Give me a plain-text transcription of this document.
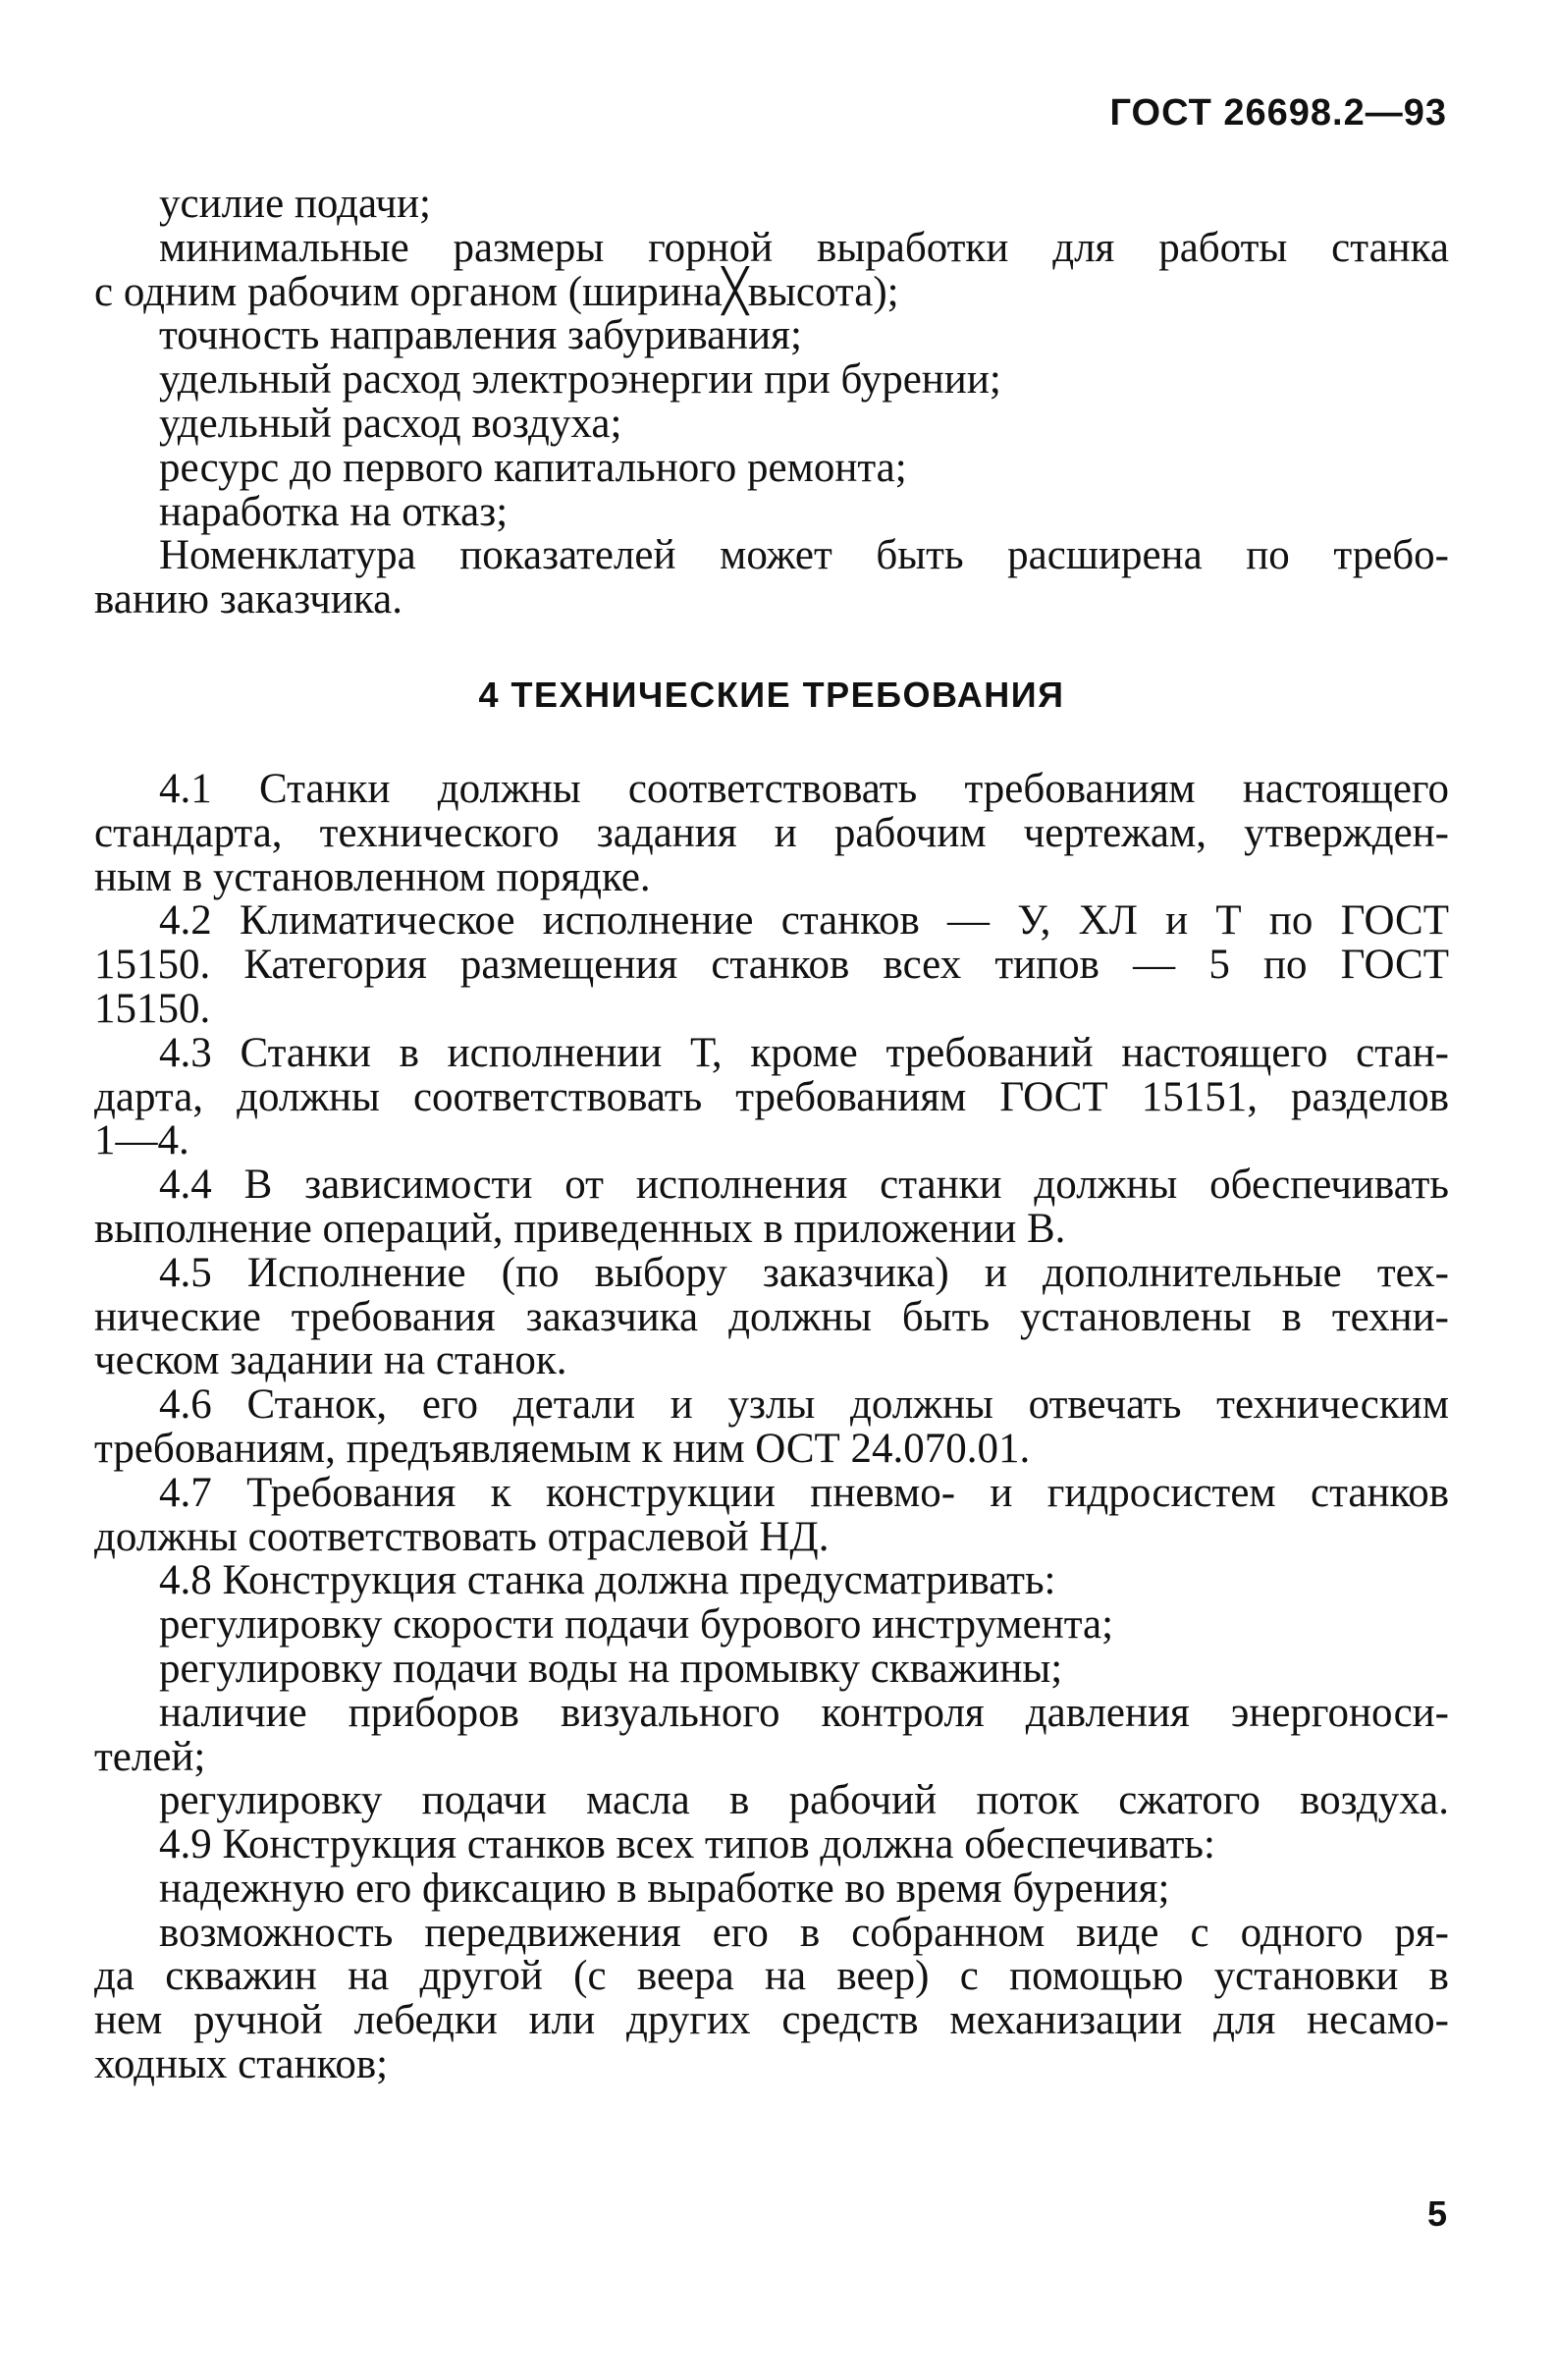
ГОСТ 26698.2—93
усилие подачи;
минимальные размеры горной выработки для работы станка
с одним рабочим органом (ширина╳высота);
точность направления забуривания;
удельный расход электроэнергии при бурении;
удельный расход воздуха;
ресурс до первого капитального ремонта;
наработка на отказ;
Номенклатура показателей может быть расширена по требо-
ванию заказчика.
4 ТЕХНИЧЕСКИЕ ТРЕБОВАНИЯ
4.1 Станки должны соответствовать требованиям настоящего
стандарта, технического задания и рабочим чертежам, утвержден-
ным в установленном порядке.
4.2 Климатическое исполнение станков — У, ХЛ и Т по ГОСТ
15150. Категория размещения станков всех типов — 5 по ГОСТ
15150.
4.3 Станки в исполнении Т, кроме требований настоящего стан-
дарта, должны соответствовать требованиям ГОСТ 15151, разделов
1—4.
4.4 В зависимости от исполнения станки должны обеспечивать
выполнение операций, приведенных в приложении В.
4.5 Исполнение (по выбору заказчика) и дополнительные тех-
нические требования заказчика должны быть установлены в техни-
ческом задании на станок.
4.6 Станок, его детали и узлы должны отвечать техническим
требованиям, предъявляемым к ним ОСТ 24.070.01.
4.7 Требования к конструкции пневмо- и гидросистем станков
должны соответствовать отраслевой НД.
4.8 Конструкция станка должна предусматривать:
регулировку скорости подачи бурового инструмента;
регулировку подачи воды на промывку скважины;
наличие приборов визуального контроля давления энергоноси-
телей;
регулировку подачи масла в рабочий поток сжатого воздуха.
4.9 Конструкция станков всех типов должна обеспечивать:
надежную его фиксацию в выработке во время бурения;
возможность передвижения его в собранном виде с одного ря-
да скважин на другой (с веера на веер) с помощью установки в
нем ручной лебедки или других средств механизации для несамо-
ходных станков;
5
